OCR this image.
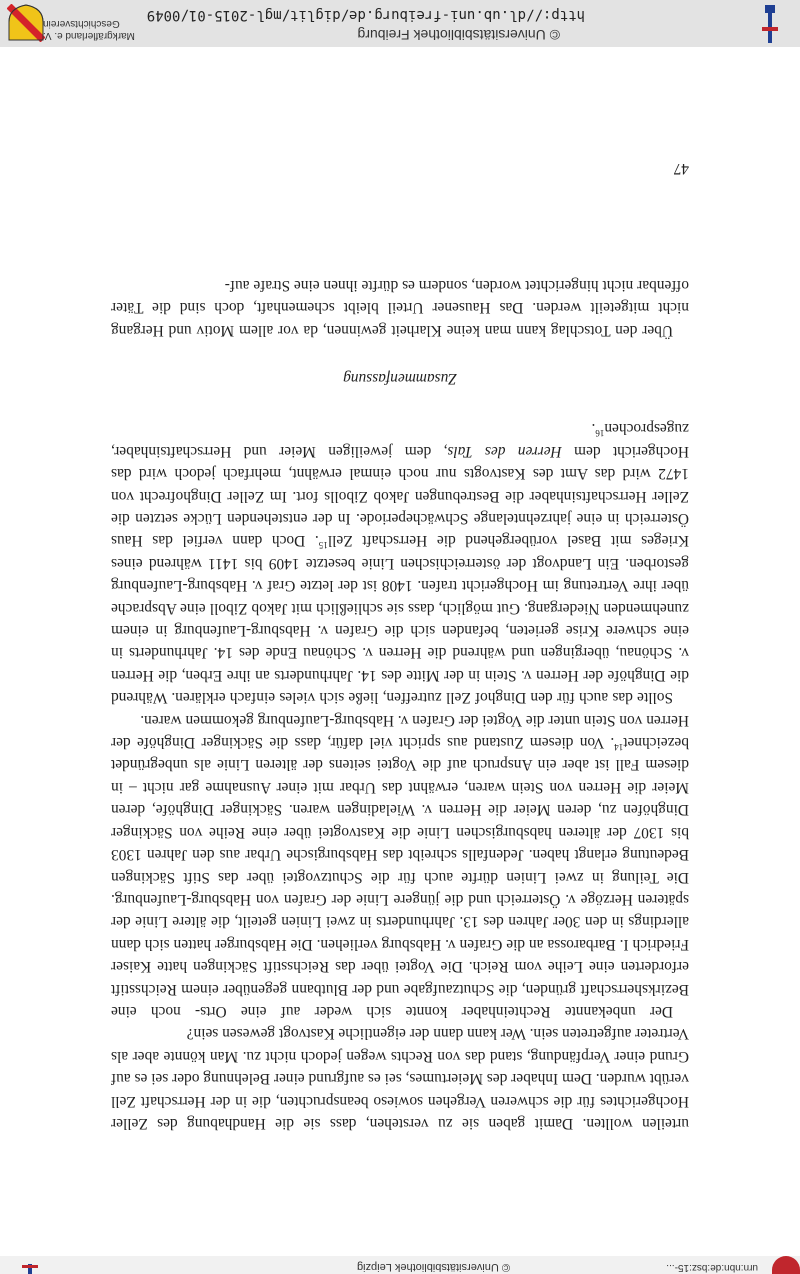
© Universitätsbibliothek Leipzig	urn:nbn:de:bsz:15-...

urteilen wollten. Damit gaben sie zu verstehen, dass sie die Handhabung des Zeller Hochgerichtes für die schweren Vergehen sowieso beanspruchten, die in der Herrschaft Zell verübt wurden. Dem Inhaber des Meiertumes, sei es aufgrund einer Belehnung oder sei es auf Grund einer Verpfändung, stand das von Rechts wegen jedoch nicht zu. Man könnte aber als Vertreter aufgetreten sein. Wer kann dann der eigentliche Kastvogt gewesen sein?

Der unbekannte Rechteinhaber konnte sich weder auf eine Orts- noch eine Bezirksherrschaft gründen, die Schutzaufgabe und der Blutbann gegenüber einem Reichsstift erforderten eine Leihe vom Reich. Die Vogtei über das Reichsstift Säckingen hatte Kaiser Friedrich I. Barbarossa an die Grafen v. Habsburg verliehen. Die Habsburger hatten sich dann allerdings in den 30er Jahren des 13. Jahrhunderts in zwei Linien geteilt, die ältere Linie der späteren Herzöge v. Österreich und die jüngere Linie der Grafen von Habsburg-Laufenburg. Die Teilung in zwei Linien dürfte auch für die Schutzvogtei über das Stift Säckingen Bedeutung erlangt haben. Jedenfalls schreibt das Habsburgische Urbar aus den Jahren 1303 bis 1307 der älteren habsburgischen Linie die Kastvogtei über eine Reihe von Säckinger Dinghöfen zu, deren Meier die Herren v. Wieladingen waren. Säckinger Dinghöfe, deren Meier die Herren von Stein waren, erwähnt das Urbar mit einer Ausnahme gar nicht – in diesem Fall ist aber ein Anspruch auf die Vogtei seitens der älteren Linie als unbegründet bezeichnet$^{14}$. Von diesem Zustand aus spricht viel dafür, dass die Säckinger Dinghöfe der Herren von Stein unter die Vogtei der Grafen v. Habsburg-Laufenburg gekommen waren.

Sollte das auch für den Dinghof Zell zutreffen, ließe sich vieles einfach erklären. Während die Dinghöfe der Herren v. Stein in der Mitte des 14. Jahrhunderts an ihre Erben, die Herren v. Schönau, übergingen und während die Herren v. Schönau Ende des 14. Jahrhunderts in eine schwere Krise gerieten, befanden sich die Grafen v. Habsburg-Laufenburg in einem zunehmenden Niedergang. Gut möglich, dass sie schließlich mit Jakob Ziboll eine Absprache über ihre Vertretung im Hochgericht trafen. 1408 ist der letzte Graf v. Habsburg-Laufenburg gestorben. Ein Landvogt der österreichischen Linie besetzte 1409 bis 1411 während eines Krieges mit Basel vorübergehend die Herrschaft Zell$^{15}$. Doch dann verfiel das Haus Österreich in eine jahrzehntelange Schwächeperiode. In der entstehenden Lücke setzten die Zeller Herrschaftsinhaber die Bestrebungen Jakob Zibolls fort. Im Zeller Dinghofrecht von 1472 wird das Amt des Kastvogts nur noch einmal erwähnt, mehrfach jedoch wird das Hochgericht dem Herren des Tals, dem jeweiligen Meier und Herrschaftsinhaber, zugesprochen$^{16}$.

Zusammenfassung

Über den Totschlag kann man keine Klarheit gewinnen, da vor allem Motiv und Hergang nicht mitgeteilt werden. Das Hausener Urteil bleibt schemenhaft, doch sind die Täter offenbar nicht hingerichtet worden, sondern es dürfte ihnen eine Strafe auf-

47
© Universitätsbibliothek Freiburg
http://dl.ub.uni-freiburg.de/diglit/mgl-2015-01/0049
Markgräflerland e. V.
Geschichtsverein
